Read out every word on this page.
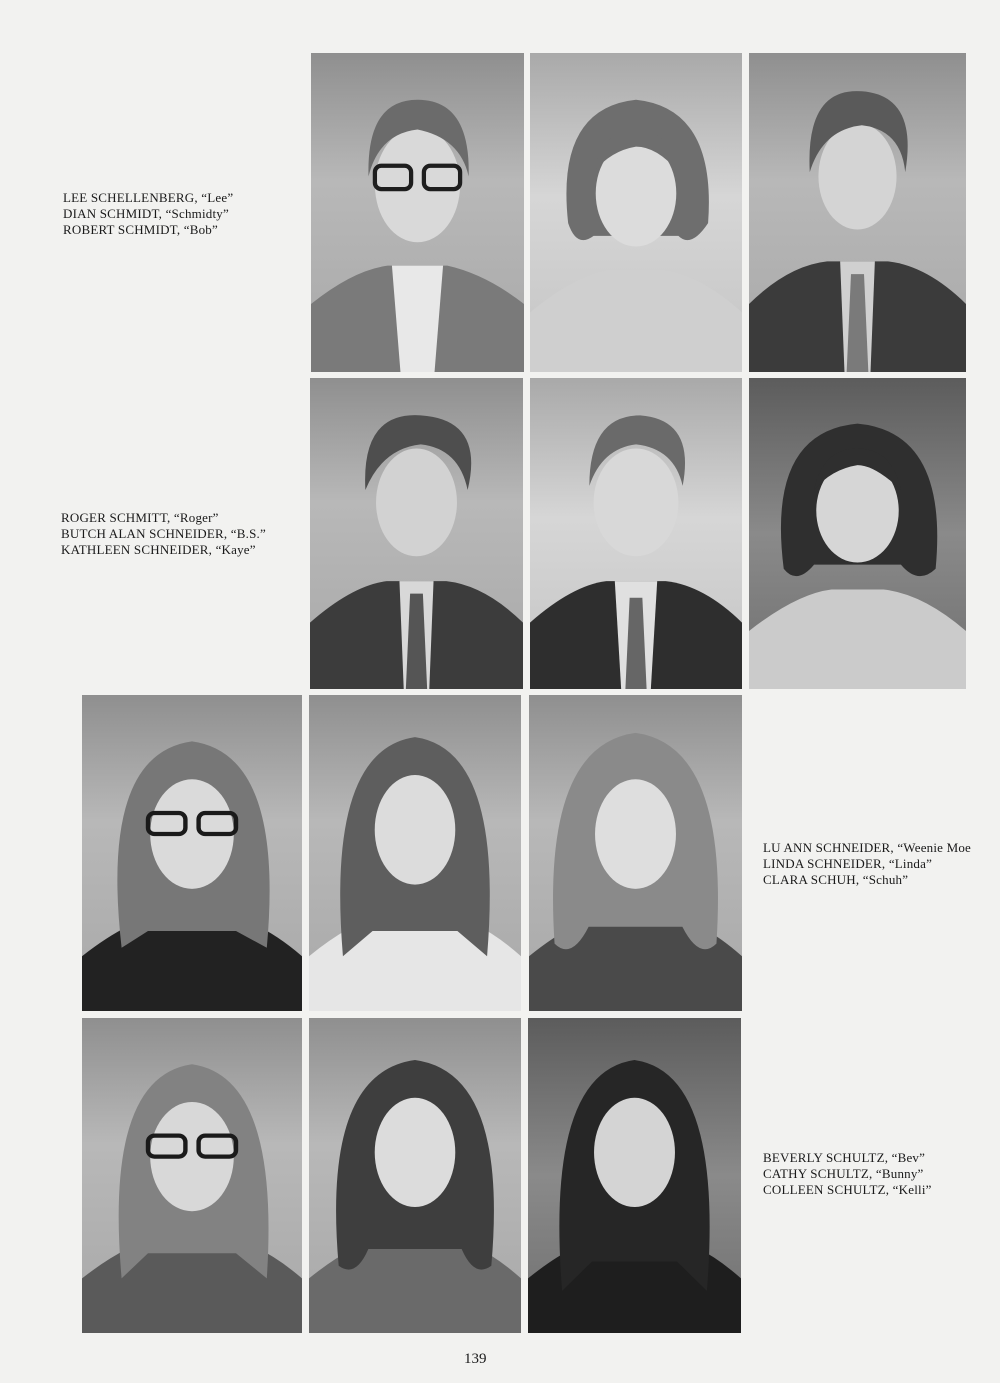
LEE SCHELLENBERG, “Lee”
DIAN SCHMIDT, “Schmidty”
ROBERT SCHMIDT, “Bob”
ROGER SCHMITT, “Roger”
BUTCH ALAN SCHNEIDER, “B.S.”
KATHLEEN SCHNEIDER, “Kaye”
LU ANN SCHNEIDER, “Weenie Moe
LINDA SCHNEIDER, “Linda”
CLARA SCHUH, “Schuh”
BEVERLY SCHULTZ, “Bev”
CATHY SCHULTZ, “Bunny”
COLLEEN SCHULTZ, “Kelli”
139
